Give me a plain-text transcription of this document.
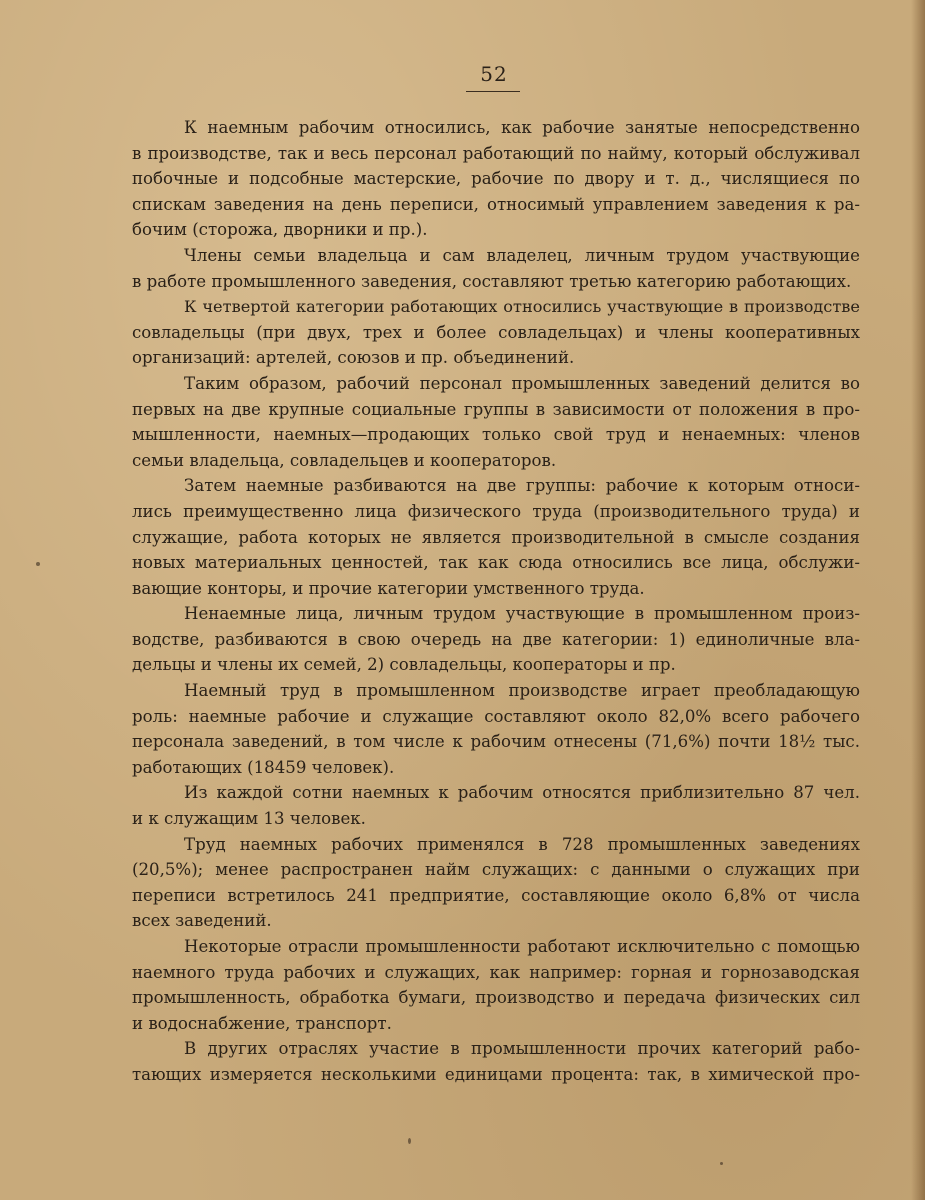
52
К наемным рабочим относились, как рабочие занятые непосредственно
в производстве, так и весь персонал работающий по найму, который обслуживал
побочные и подсобные мастерские, рабочие по двору и т. д., числящиеся по
спискам заведения на день переписи, относимый управлением заведения к ра-
бочим (сторожа, дворники и пр.).
Члены семьи владельца и сам владелец, личным трудом участвующие
в работе промышленного заведения, составляют третью категорию работающих.
К четвертой категории работающих относились участвующие в производстве
совладельцы (при двух, трех и более совладельцах) и члены кооперативных
организаций: артелей, союзов и пр. объединений.
Таким образом, рабочий персонал промышленных заведений делится во
первых на две крупные социальные группы в зависимости от положения в про-
мышленности, наемных—продающих только свой труд и ненаемных: членов
семьи владельца, совладельцев и кооператоров.
Затем наемные разбиваются на две группы: рабочие к которым относи-
лись преимущественно лица физического труда (производительного труда) и
служащие, работа которых не является производительной в смысле создания
новых материальных ценностей, так как сюда относились все лица, обслужи-
вающие конторы, и прочие категории умственного труда.
Ненаемные лица, личным трудом участвующие в промышленном произ-
водстве, разбиваются в свою очередь на две категории: 1) единоличные вла-
дельцы и члены их семей, 2) совладельцы, кооператоры и пр.
Наемный труд в промышленном производстве играет преобладающую
роль: наемные рабочие и служащие составляют около 82,0% всего рабочего
персонала заведений, в том числе к рабочим отнесены (71,6%) почти 18½ тыс.
работающих (18459 человек).
Из каждой сотни наемных к рабочим относятся приблизительно 87 чел.
и к служащим 13 человек.
Труд наемных рабочих применялся в 728 промышленных заведениях
(20,5%); менее распространен найм служащих: с данными о служащих при
переписи встретилось 241 предприятие, составляющие около 6,8% от числа
всех заведений.
Некоторые отрасли промышленности работают исключительно с помощью
наемного труда рабочих и служащих, как например: горная и горнозаводская
промышленность, обработка бумаги, производство и передача физических сил
и водоснабжение, транспорт.
В других отраслях участие в промышленности прочих категорий рабо-
тающих измеряется несколькими единицами процента: так, в химической про-
